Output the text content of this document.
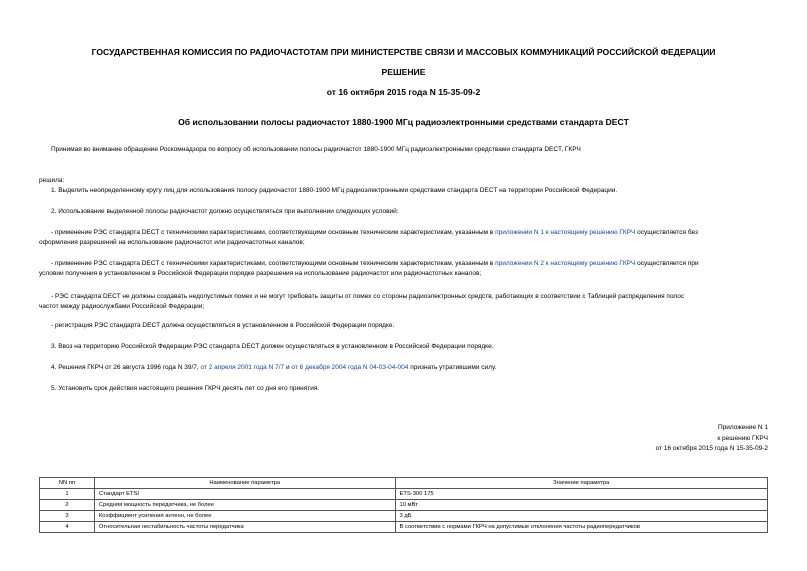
ГОСУДАРСТВЕННАЯ КОМИССИЯ ПО РАДИОЧАСТОТАМ ПРИ МИНИСТЕРСТВЕ СВЯЗИ И МАССОВЫХ КОММУНИКАЦИЙ РОССИЙСКОЙ ФЕДЕРАЦИИ
РЕШЕНИЕ
от 16 октября 2015 года N 15-35-09-2
Об использовании полосы радиочастот 1880-1900 МГц радиоэлектронными средствами стандарта DECT
Принимая во внимание обращение Роскомнадзора по вопросу об использовании полосы радиочастот 1880-1900 МГц радиоэлектронными средствами стандарта DECT, ГКРЧ
решила:
1. Выделить неопределенному кругу лиц для использования полосу радиочастот 1880-1900 МГц радиоэлектронными средствами стандарта DECT на территории Российской Федерации.
2. Использование выделенной полосы радиочастот должно осуществляться при выполнении следующих условий:
- применение РЭС стандарта DECT с техническими характеристиками, соответствующими основным техническим характеристикам, указанным в приложении N 1 к настоящему решению ГКРЧ осуществляется без
оформления разрешений на использование радиочастот или радиочастотных каналов;
- применение РЭС стандарта DECT с техническими характеристиками, соответствующими основным техническим характеристикам, указанным в приложении N 2 к настоящему решению ГКРЧ осуществляется при
условии получения в установленном в Российской Федерации порядке разрешения на использование радиочастот или радиочастотных каналов;
- РЭС стандарта DECT не должны создавать недопустимых помех и не могут требовать защиты от помех со стороны радиоэлектронных средств, работающих в соответствии с Таблицей распределения полос
частот между радиослужбами Российской Федерации;
- регистрация РЭС стандарта DECT должна осуществляться в установленном в Российской Федерации порядке.
3. Ввоз на территорию Российской Федерации РЭС стандарта DECT должен осуществляться в установленном в Российской Федерации порядке.
4. Решения ГКРЧ от 26 августа 1996 года N 39/7, от 2 апреля 2001 года N 7/7 и от 6 декабря 2004 года N 04-03-04-004 признать утратившими силу.
5. Установить срок действия настоящего решения ГКРЧ десять лет со дня его принятия.
Приложение N 1
к решению ГКРЧ
от 16 октября 2015 года N 15-35-09-2
NN пп	Наименование параметра	Значение параметра
1	Стандарт ETSI	ETS-300 175
2	Средняя мощность передатчика, не более	10 мВт
3	Коэффициент усиления антенн, не более	3 дБ
4	Относительная нестабильность частоты передатчика	В соответствии с нормами ГКРЧ на допустимые отклонения частоты радиопередатчиков
